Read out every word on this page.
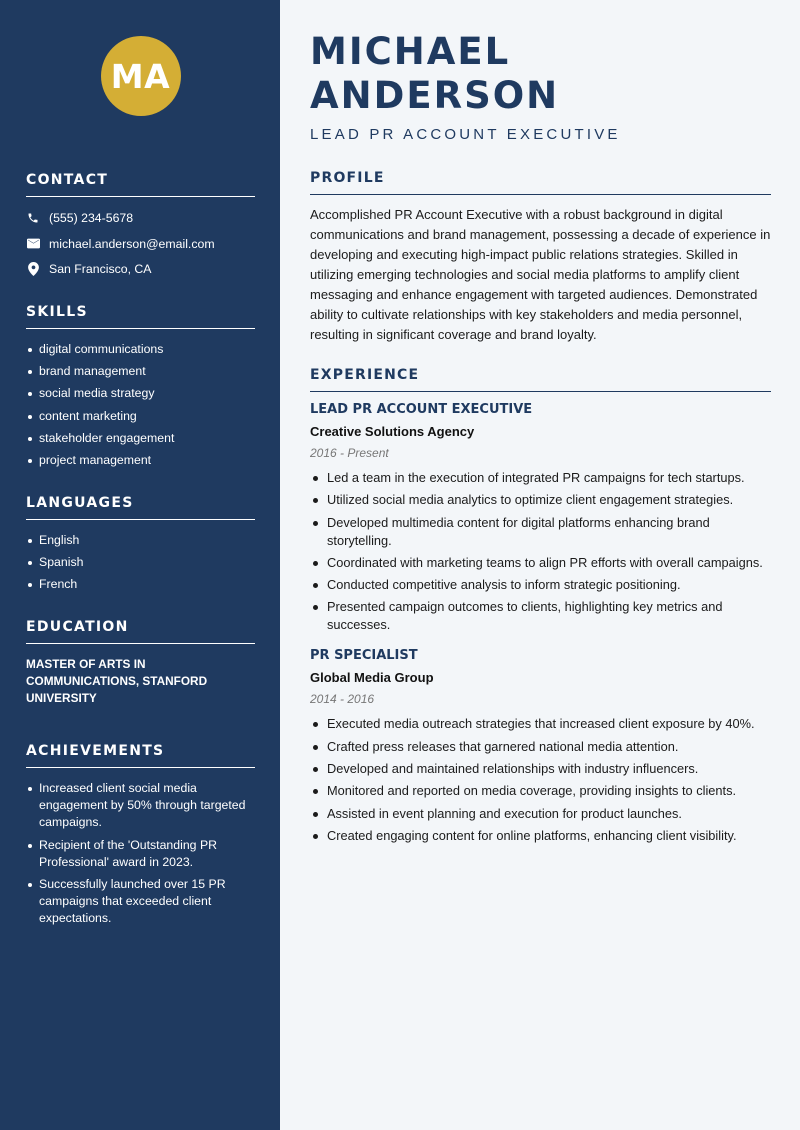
MA
CONTACT
(555) 234-5678
michael.anderson@email.com
San Francisco, CA
SKILLS
digital communications
brand management
social media strategy
content marketing
stakeholder engagement
project management
LANGUAGES
English
Spanish
French
EDUCATION
MASTER OF ARTS IN COMMUNICATIONS, STANFORD UNIVERSITY
ACHIEVEMENTS
Increased client social media engagement by 50% through targeted campaigns.
Recipient of the 'Outstanding PR Professional' award in 2023.
Successfully launched over 15 PR campaigns that exceeded client expectations.
MICHAEL ANDERSON
LEAD PR ACCOUNT EXECUTIVE
PROFILE

Accomplished PR Account Executive with a robust background in digital communications and brand management, possessing a decade of experience in developing and executing high-impact public relations strategies. Skilled in utilizing emerging technologies and social media platforms to amplify client messaging and enhance engagement with targeted audiences. Demonstrated ability to cultivate relationships with key stakeholders and media personnel, resulting in significant coverage and brand loyalty.

EXPERIENCE
LEAD PR ACCOUNT EXECUTIVE
Creative Solutions Agency
2016 - Present
Led a team in the execution of integrated PR campaigns for tech startups.
Utilized social media analytics to optimize client engagement strategies.
Developed multimedia content for digital platforms enhancing brand storytelling.
Coordinated with marketing teams to align PR efforts with overall campaigns.
Conducted competitive analysis to inform strategic positioning.
Presented campaign outcomes to clients, highlighting key metrics and successes.
PR SPECIALIST
Global Media Group
2014 - 2016
Executed media outreach strategies that increased client exposure by 40%.
Crafted press releases that garnered national media attention.
Developed and maintained relationships with industry influencers.
Monitored and reported on media coverage, providing insights to clients.
Assisted in event planning and execution for product launches.
Created engaging content for online platforms, enhancing client visibility.
